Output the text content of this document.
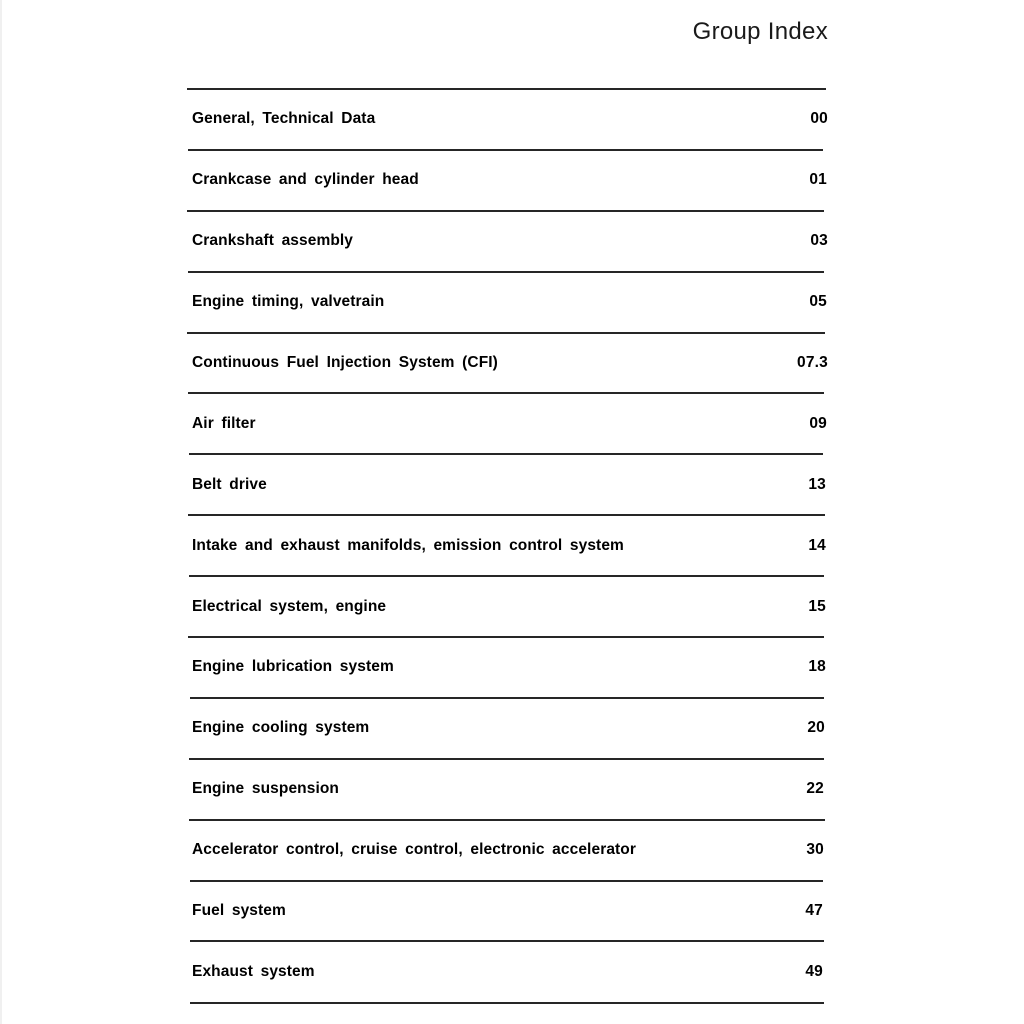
Group Index
General, Technical Data	00
Crankcase and cylinder head	01
Crankshaft assembly	03
Engine timing, valvetrain	05
Continuous Fuel Injection System (CFI)	07.3
Air filter	09
Belt drive	13
Intake and exhaust manifolds, emission control system	14
Electrical system, engine	15
Engine lubrication system	18
Engine cooling system	20
Engine suspension	22
Accelerator control, cruise control, electronic accelerator	30
Fuel system	47
Exhaust system	49
